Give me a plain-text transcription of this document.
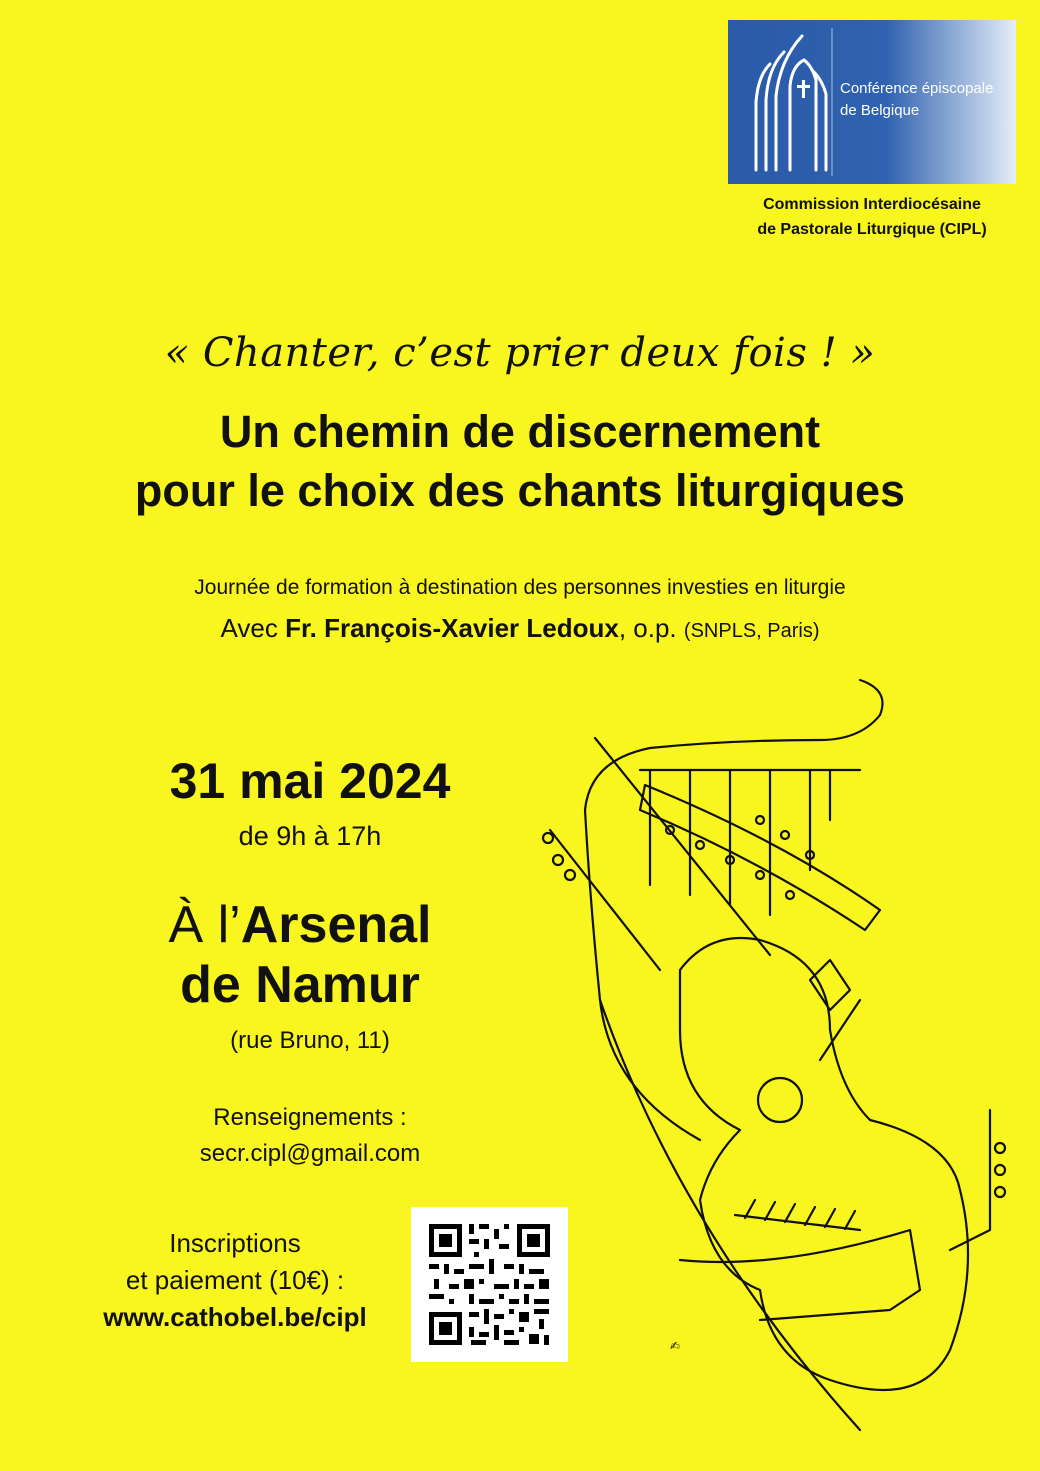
Conférence épiscopale
de Belgique
Commission Interdiocésaine
de Pastorale Liturgique (CIPL)
« Chanter, c’est prier deux fois ! »
Un chemin de discernement
pour le choix des chants liturgiques
Journée de formation à destination des personnes investies en liturgie
Avec Fr. François-Xavier Ledoux, o.p. (SNPLS, Paris)
31 mai 2024
de 9h à 17h
À l’Arsenal
de Namur
(rue Bruno, 11)
Renseignements :
secr.cipl@gmail.com
Inscriptions
et paiement (10€) :
www.cathobel.be/cipl
✍
